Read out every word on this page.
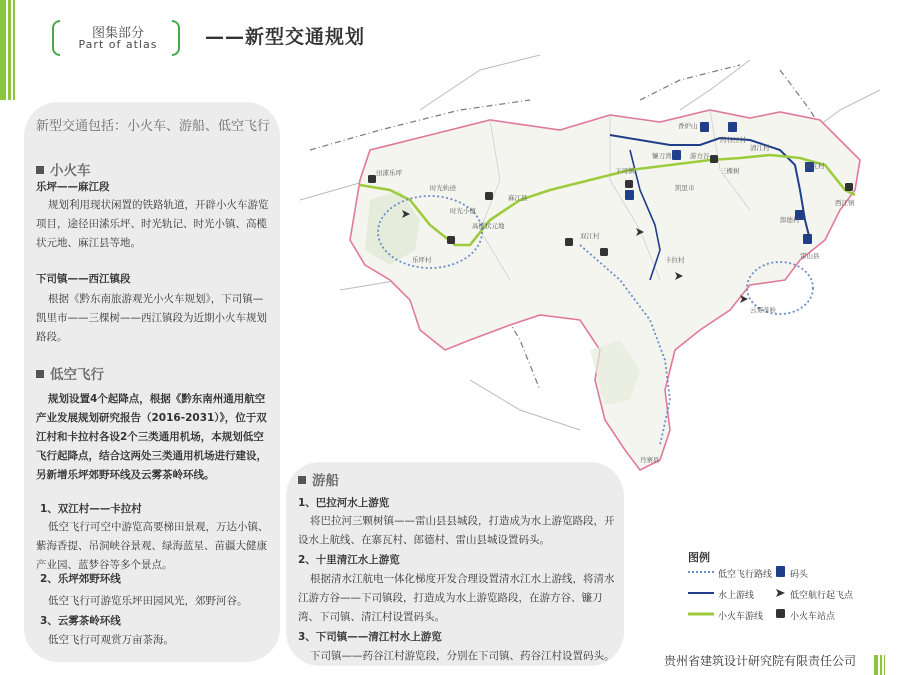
图集部分
Part of atlas	——新型交通规划
西江镇
雷山县
麻江县
田溸乐坪
时光轨迹
时光小镇
高榄状元地
乐坪村
下司镇	三棵树
凯里市
卡拉村
双江村
云雾茶岭
郎德村
寨瓦村
香炉山
药谷江村
游方谷
镰刀湾
清江村
丹寨县
新型交通包括：小火车、游船、低空飞行
小火车
乐坪——麻江段
规划利用现状闲置的铁路轨道，开辟小火车游览项目，途径田溸乐坪、时光轨记、时光小镇、高榄状元地、麻江县等地。
下司镇——西江镇段
根据《黔东南旅游观光小火车规划》，下司镇—凯里市——三棵树——西江镇段为近期小火车规划路段。
低空飞行
规划设置4个起降点，根据《黔东南州通用航空产业发展规划研究报告（2016-2031）》，位于双江村和卡拉村各设2个三类通用机场，本规划低空飞行起降点，结合这两处三类通用机场进行建设，另新增乐坪郊野环线及云雾茶岭环线。
1、双江村——卡拉村
低空飞行可空中游览高要梯田景观，万达小镇、紫海香提、吊洞峡谷景观、绿海蓝星、苗疆大健康产业园、蓝梦谷等多个景点。
2、乐坪郊野环线
低空飞行可游览乐坪田园风光，郊野河谷。
3、云雾茶岭环线
低空飞行可观赏万亩茶海。
游船
1、巴拉河水上游览
将巴拉河三颗树镇——雷山县县城段，打造成为水上游览路段，开设水上航线、在寨瓦村、郎德村、雷山县城设置码头。
2、十里清江水上游览
根据清水江航电一体化梯度开发合理设置清水江水上游线，将清水江游方谷——下司镇段，打造成为水上游览路段，在游方谷、镰刀湾、下司镇、清江村设置码头。
3、下司镇——清江村水上游览
下司镇——药谷江村游览段，分别在下司镇、药谷江村设置码头。
图例
低空飞行路线 码头
水上游线	低空航行起飞点
小火车游线	小火车站点
贵州省建筑设计研究院有限责任公司
